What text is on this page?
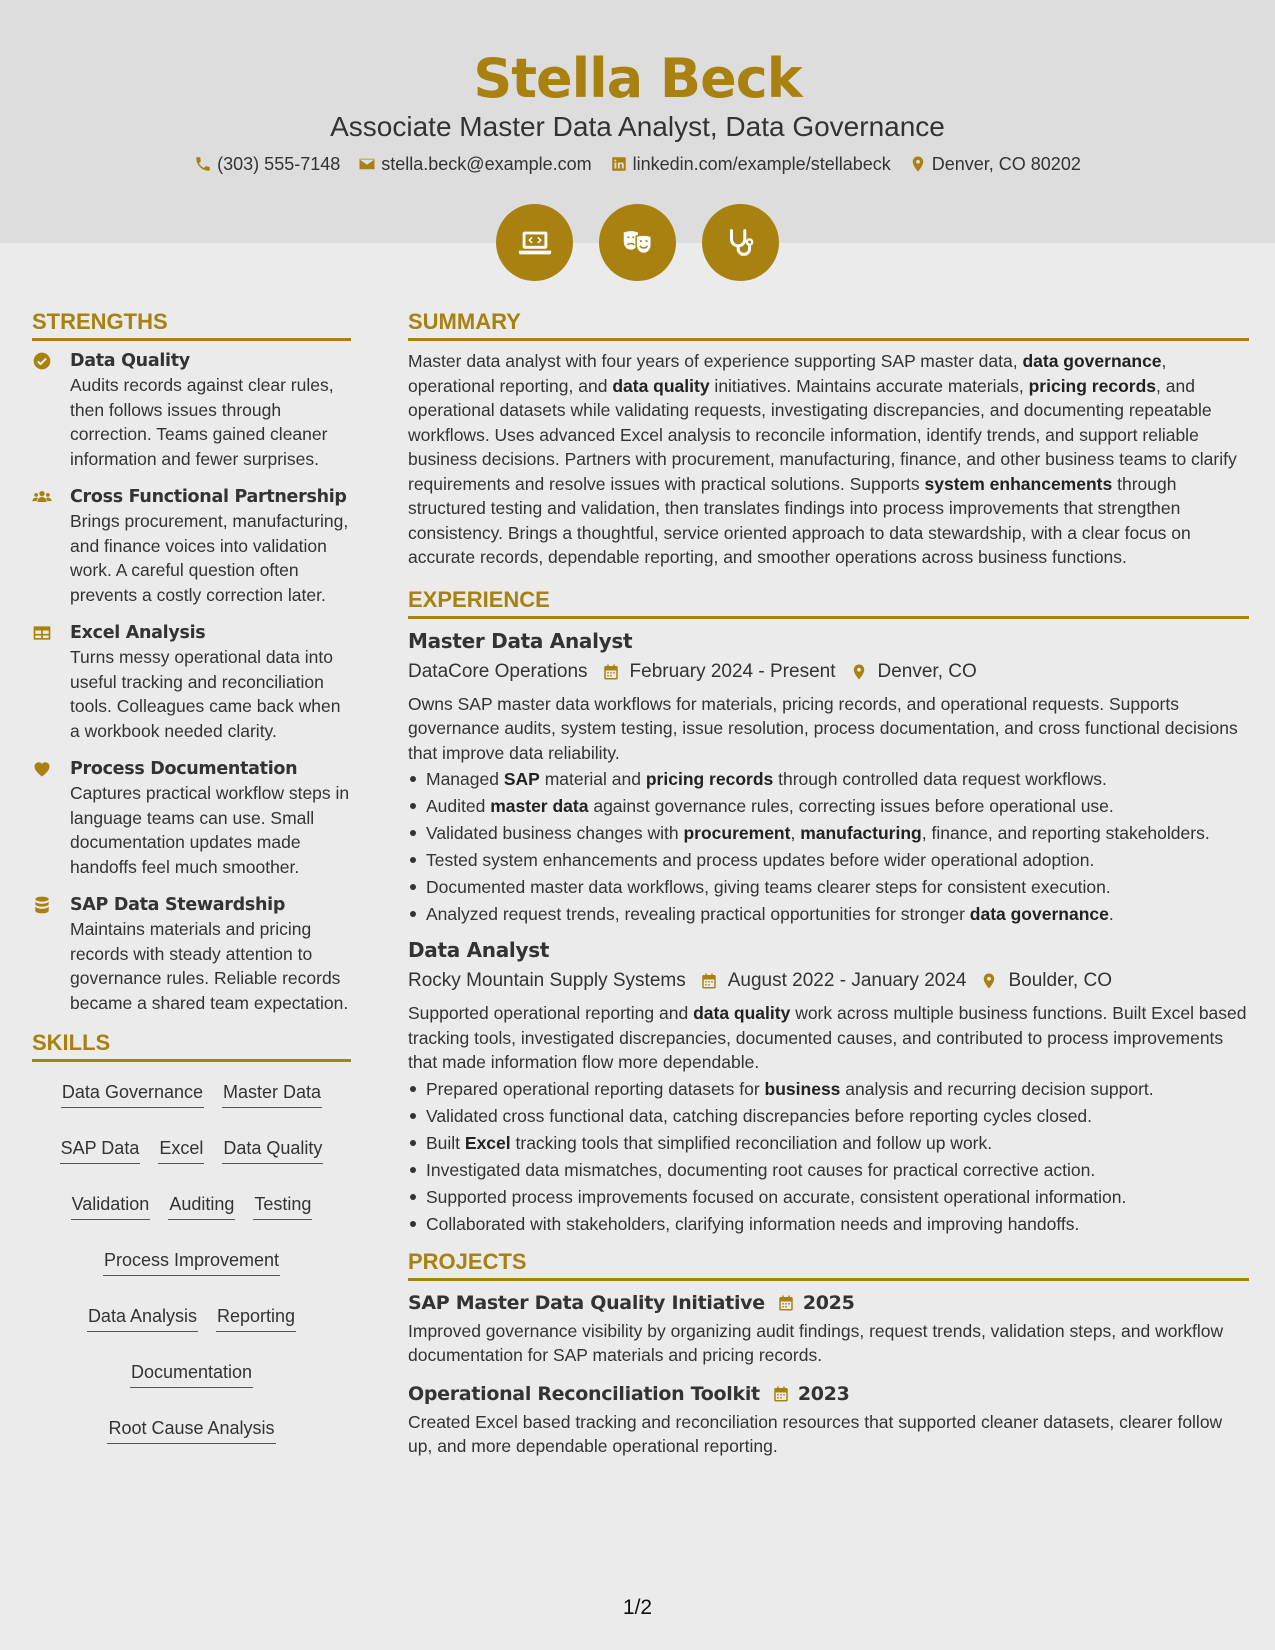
Stella Beck
Associate Master Data Analyst, Data Governance
(303) 555-7148 stella.beck@example.com linkedin.com/example/stellabeck Denver, CO 80202
STRENGTHS
Data Quality
Audits records against clear rules, then follows issues through correction. Teams gained cleaner information and fewer surprises.
Cross Functional Partnership
Brings procurement, manufacturing, and finance voices into validation work. A careful question often prevents a costly correction later.
Excel Analysis
Turns messy operational data into useful tracking and reconciliation tools. Colleagues came back when a workbook needed clarity.
Process Documentation
Captures practical workflow steps in language teams can use. Small documentation updates made handoffs feel much smoother.
SAP Data Stewardship
Maintains materials and pricing records with steady attention to governance rules. Reliable records became a shared team expectation.
SKILLS
Data Governance Master Data
SAP Data Excel Data Quality
Validation Auditing Testing
Process Improvement
Data Analysis Reporting
Documentation
Root Cause Analysis
SUMMARY
Master data analyst with four years of experience supporting SAP master data, data governance, operational reporting, and data quality initiatives. Maintains accurate materials, pricing records, and operational datasets while validating requests, investigating discrepancies, and documenting repeatable workflows. Uses advanced Excel analysis to reconcile information, identify trends, and support reliable business decisions. Partners with procurement, manufacturing, finance, and other business teams to clarify requirements and resolve issues with practical solutions. Supports system enhancements through structured testing and validation, then translates findings into process improvements that strengthen consistency. Brings a thoughtful, service oriented approach to data stewardship, with a clear focus on accurate records, dependable reporting, and smoother operations across business functions.
EXPERIENCE
Master Data Analyst
DataCore Operations February 2024 - Present Denver, CO
Owns SAP master data workflows for materials, pricing records, and operational requests. Supports governance audits, system testing, issue resolution, process documentation, and cross functional decisions that improve data reliability.
Managed SAP material and pricing records through controlled data request workflows.
Audited master data against governance rules, correcting issues before operational use.
Validated business changes with procurement, manufacturing, finance, and reporting stakeholders.
Tested system enhancements and process updates before wider operational adoption.
Documented master data workflows, giving teams clearer steps for consistent execution.
Analyzed request trends, revealing practical opportunities for stronger data governance.
Data Analyst
Rocky Mountain Supply Systems August 2022 - January 2024 Boulder, CO
Supported operational reporting and data quality work across multiple business functions. Built Excel based tracking tools, investigated discrepancies, documented causes, and contributed to process improvements that made information flow more dependable.
Prepared operational reporting datasets for business analysis and recurring decision support.
Validated cross functional data, catching discrepancies before reporting cycles closed.
Built Excel tracking tools that simplified reconciliation and follow up work.
Investigated data mismatches, documenting root causes for practical corrective action.
Supported process improvements focused on accurate, consistent operational information.
Collaborated with stakeholders, clarifying information needs and improving handoffs.
PROJECTS
SAP Master Data Quality Initiative 2025
Improved governance visibility by organizing audit findings, request trends, validation steps, and workflow documentation for SAP materials and pricing records.
Operational Reconciliation Toolkit 2023
Created Excel based tracking and reconciliation resources that supported cleaner datasets, clearer follow up, and more dependable operational reporting.
1/2
